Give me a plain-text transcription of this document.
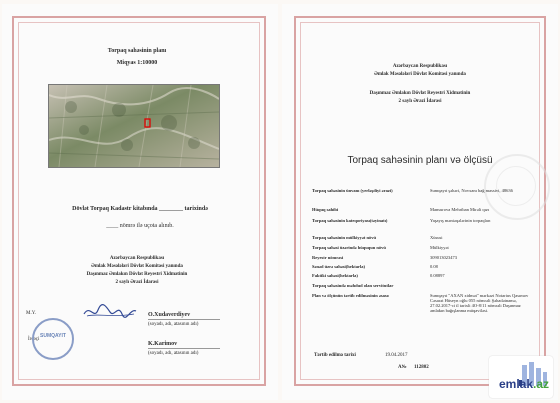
Torpaq sahəsinin planı
Miqyas 1:10000
Dövlət Torpaq Kadastr kitabında ________ tarixində
____ nömrə ilə uçota alınıb.
Azərbaycan Respublikası
Əmlak Məsələləri Dövlət Komitəsi yanında
Daşınmaz Əmlakın Dövlət Reyestri Xidmətinin
2 saylı Ərazi İdarəsi
M.Y.
İrcəçi
SUMQAYIT
O.Xudaverdiyev
(soyadı, adı, atasının adı)
K.Karimov
(soyadı, adı, atasının adı)
Azərbaycan Respublikası
Əmlak Məsələləri Dövlət Komitəsi yanında
Daşınmaz Əmlakın Dövlət Reyestri Xidmətinin
2 saylı Ərazi İdarəsi
Torpaq sahəsinin planı və ölçüsü
Torpaq sahəsinin ünvanı (yerləşdiyi ərazi)	Sumqayıt şəhəri, Novxanı bağ massivi, 48636
Hüquq sahibi	Mansurova Mehriban Mirəli qızı
Torpaq sahəsinin kateqoriyası(təyinatı)	Yaşayış məntəqələrinin torpaqları
Torpaq sahəsinin mülkiyyət növü	Xüsusi
Torpaq sahəsi üzərində hüququn növü	Mülkiyyət
Reyestr nömrəsi	309013023473
Sənəd üzrə sahəsi(hektarla)	0.08
Faktiki sahəsi(hektarla)	0.08897
Torpaq sahəsində məhdud olan servitutlar
Plan və ölçünün tərtib edilməsinin əsası:	Sumqayıt "AXAN xidmət" mərkəzi Notarius Qasımov Cəsarət Hüseyn oğlu 055 nömrəli Şəhadətnamə, 27.02.2017-ci il tarixli 4O-8/11 nömrəli Daşınmaz əmlakın bağışlanma müqaviləsi.
Tərtib edilmə tarixi	19.04.2017
A№	112802
emlak.az
